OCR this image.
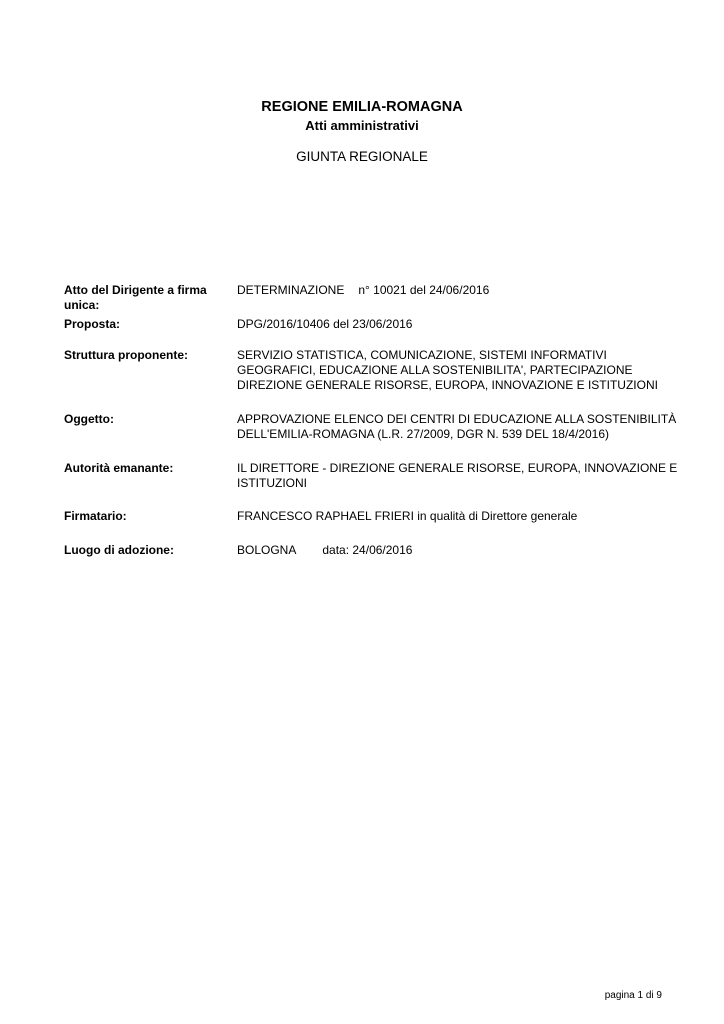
REGIONE EMILIA-ROMAGNA
Atti amministrativi
GIUNTA REGIONALE
Atto del Dirigente a firma unica:
DETERMINAZIONE n° 10021 del 24/06/2016
Proposta:	DPG/2016/10406 del 23/06/2016
Struttura proponente:	SERVIZIO STATISTICA, COMUNICAZIONE, SISTEMI INFORMATIVI
GEOGRAFICI, EDUCAZIONE ALLA SOSTENIBILITA', PARTECIPAZIONE
DIREZIONE GENERALE RISORSE, EUROPA, INNOVAZIONE E ISTITUZIONI
Oggetto:	APPROVAZIONE ELENCO DEI CENTRI DI EDUCAZIONE ALLA SOSTENIBILITÀ
DELL'EMILIA-ROMAGNA (L.R. 27/2009, DGR N. 539 DEL 18/4/2016)
Autorità emanante:	IL DIRETTORE - DIREZIONE GENERALE RISORSE, EUROPA, INNOVAZIONE E
ISTITUZIONI
Firmatario:	FRANCESCO RAPHAEL FRIERI in qualità di Direttore generale
Luogo di adozione:	BOLOGNA data: 24/06/2016
pagina 1 di 9
